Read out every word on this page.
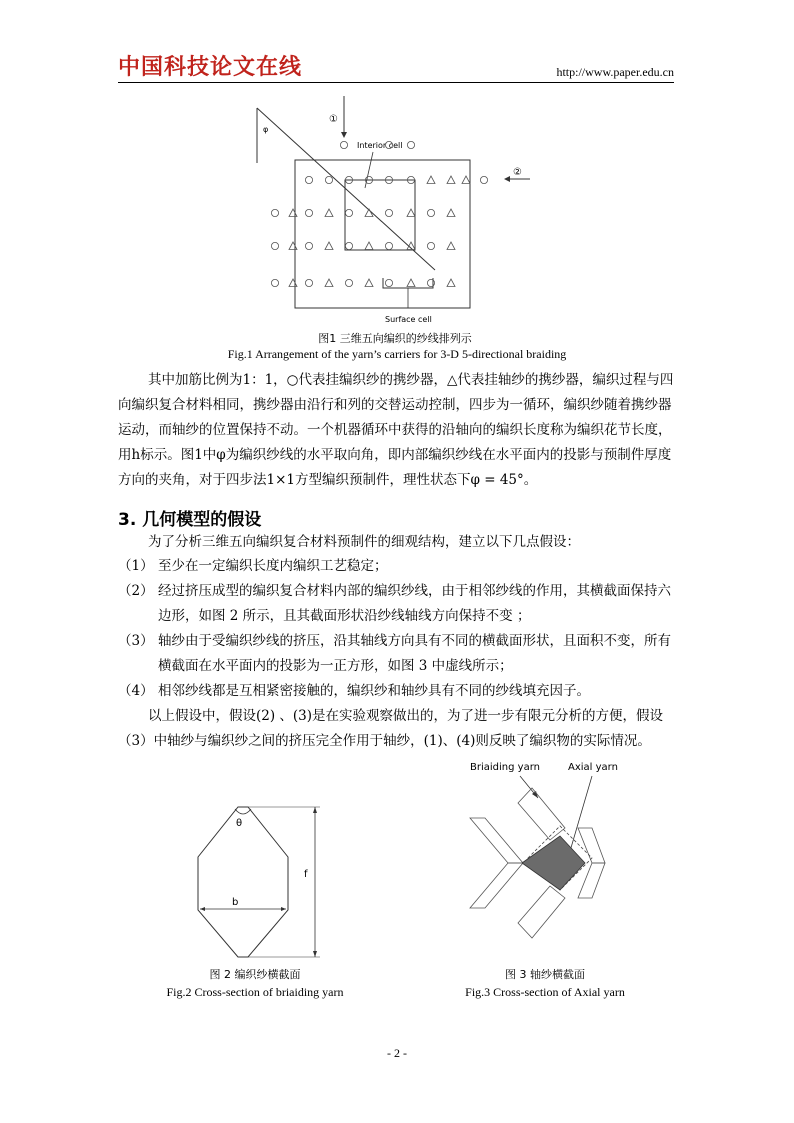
中国科技论文在线	http://www.paper.edu.cn
φ
①
②
Interior cell
Surface cell
图1 三维五向编织的纱线排列示
Fig.1 Arrangement of the yarn’s carriers for 3-D 5-directional braiding
其中加筋比例为1：1，○代表挂编织纱的携纱器，△代表挂轴纱的携纱器，编织过程与四向编织复合材料相同，携纱器由沿行和列的交替运动控制，四步为一循环，编织纱随着携纱器运动，而轴纱的位置保持不动。一个机器循环中获得的沿轴向的编织长度称为编织花节长度，用h标示。图1中φ为编织纱线的水平取向角，即内部编织纱线在水平面内的投影与预制件厚度方向的夹角，对于四步法1×1方型编织预制件，理性状态下φ = 45°。
3. 几何模型的假设
为了分析三维五向编织复合材料预制件的细观结构，建立以下几点假设：
（1） 至少在一定编织长度内编织工艺稳定；
（2） 经过挤压成型的编织复合材料内部的编织纱线，由于相邻纱线的作用，其横截面保持六边形，如图 2 所示，且其截面形状沿纱线轴线方向保持不变 ；
（3） 轴纱由于受编织纱线的挤压，沿其轴线方向具有不同的横截面形状，且面积不变，所有横截面在水平面内的投影为一正方形，如图 3 中虚线所示；
（4） 相邻纱线都是互相紧密接触的，编织纱和轴纱具有不同的纱线填充因子。
以上假设中，假设(2) 、(3)是在实验观察做出的，为了进一步有限元分析的方便，假设（3）中轴纱与编织纱之间的挤压完全作用于轴纱，(1)、(4)则反映了编织物的实际情况。
θ
b
f
图 2 编织纱横截面
Fig.2 Cross-section of briaiding yarn
Briaiding yarn	Axial yarn
图 3 轴纱横截面
Fig.3 Cross-section of Axial yarn
- 2 -
